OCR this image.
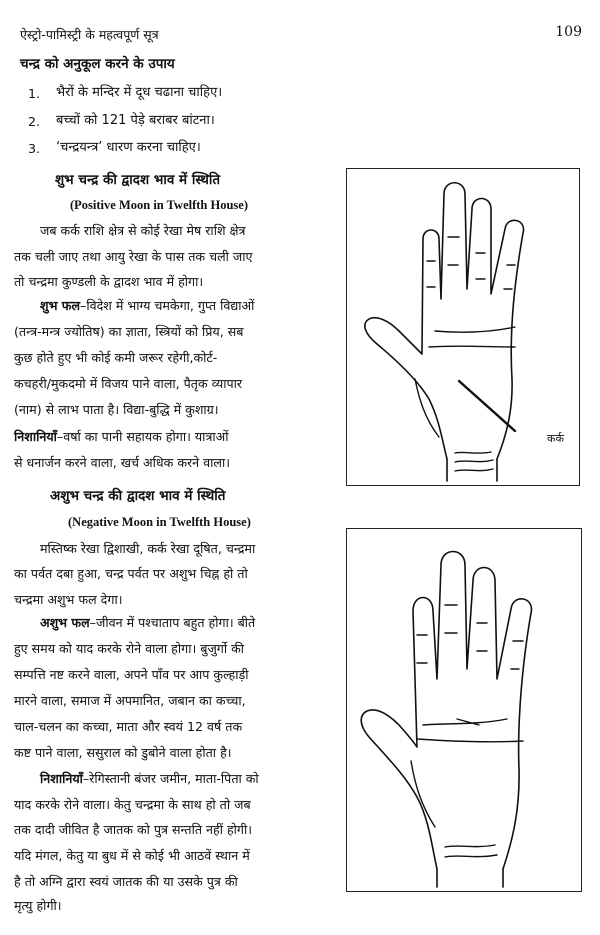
ऐस्ट्रो-पामिस्ट्री के महत्वपूर्ण सूत्र	109
चन्द्र को अनुकूल करने के उपाय
1. भैरों के मन्दिर में दूध चढाना चाहिए।
2. बच्चों को 121 पेड़े बराबर बांटना।
3. ‘चन्द्रयन्त्र’ धारण करना चाहिए।
शुभ चन्द्र की द्वादश भाव में स्थिति
(Positive Moon in Twelfth House)
जब कर्क राशि क्षेत्र से कोई रेखा मेष राशि क्षेत्र
तक चली जाए तथा आयु रेखा के पास तक चली जाए
तो चन्द्रमा कुण्डली के द्वादश भाव में होगा।
शुभ फल–विदेश में भाग्य चमकेगा, गुप्त विद्याओं
(तन्त्र-मन्त्र ज्योतिष) का ज्ञाता, स्त्रियों को प्रिय, सब
कुछ होते हुए भी कोई कमी जरूर रहेगी,कोर्ट-
कचहरी/मुकदमो में विजय पाने वाला, पैतृक व्यापार
(नाम) से लाभ पाता है। विद्या-बुद्धि में कुशाग्र।
निशानियाँ–वर्षा का पानी सहायक होगा। यात्राओं
से धनार्जन करने वाला, खर्च अधिक करने वाला।
कर्क
अशुभ चन्द्र की द्वादश भाव में स्थिति
(Negative Moon in Twelfth House)
मस्तिष्क रेखा द्विशाखी, कर्क रेखा दूषित, चन्द्रमा
का पर्वत दबा हुआ, चन्द्र पर्वत पर अशुभ चिह्न हो तो
चन्द्रमा अशुभ फल देगा।
अशुभ फल–जीवन में पश्चाताप बहुत होगा। बीते
हुए समय को याद करके रोने वाला होगा। बुजुर्गो की
सम्पत्ति नष्ट करने वाला, अपने पाँव पर आप कुल्हाड़ी
मारने वाला, समाज में अपमानित, जबान का कच्चा,
चाल-चलन का कच्चा, माता और स्वयं 12 वर्ष तक
कष्ट पाने वाला, ससुराल को डुबोने वाला होता है।
निशानियाँ–रेगिस्तानी बंजर जमीन, माता-पिता को
याद करके रोने वाला। केतु चन्द्रमा के साथ हो तो जब
तक दादी जीवित है जातक को पुत्र सन्तति नहीं होगी।
यदि मंगल, केतु या बुध में से कोई भी आठवें स्थान में
है तो अग्नि द्वारा स्वयं जातक की या उसके पुत्र की
मृत्यु होगी।
